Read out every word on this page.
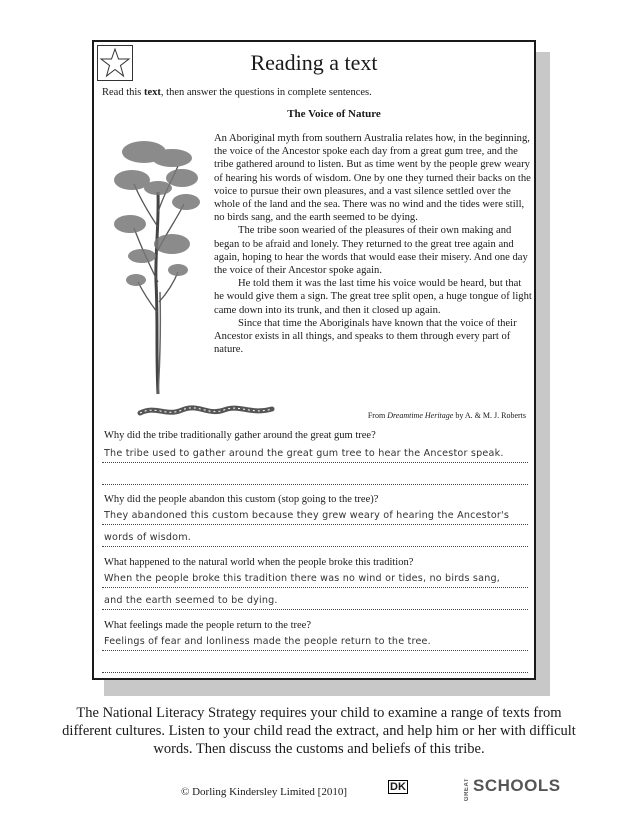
Reading a text
Read this text, then answer the questions in complete sentences.
The Voice of Nature

An Aboriginal myth from southern Australia relates how, in the beginning, the voice of the Ancestor spoke each day from a great gum tree, and the tribe gathered around to listen. But as time went by the people grew weary of hearing his words of wisdom. One by one they turned their backs on the voice to pursue their own pleasures, and a vast silence settled over the whole of the land and the sea. There was no wind and the tides were still, no birds sang, and the earth seemed to be dying.

The tribe soon wearied of the pleasures of their own making and began to be afraid and lonely. They returned to the great tree again and again, hoping to hear the words that would ease their misery. And one day the voice of their Ancestor spoke again.

He told them it was the last time his voice would be heard, but that he would give them a sign. The great tree split open, a huge tongue of light came down into its trunk, and then it closed up again.

Since that time the Aboriginals have known that the voice of their Ancestor exists in all things, and speaks to them through every part of nature.

From Dreamtime Heritage by A. & M. J. Roberts
Why did the tribe traditionally gather around the great gum tree?
The tribe used to gather around the great gum tree to hear the Ancestor speak.
Why did the people abandon this custom (stop going to the tree)?
They abandoned this custom because they grew weary of hearing the Ancestor's
words of wisdom.
What happened to the natural world when the people broke this tradition?
When the people broke this tradition there was no wind or tides, no birds sang,
and the earth seemed to be dying.
What feelings made the people return to the tree?
Feelings of fear and lonliness made the people return to the tree.
The National Literacy Strategy requires your child to examine a range of texts from different cultures. Listen to your child read the extract, and help him or her with difficult words. Then discuss the customs and beliefs of this tribe.
© Dorling Kindersley Limited [2010]	DK	GREAT SCHOOLS
